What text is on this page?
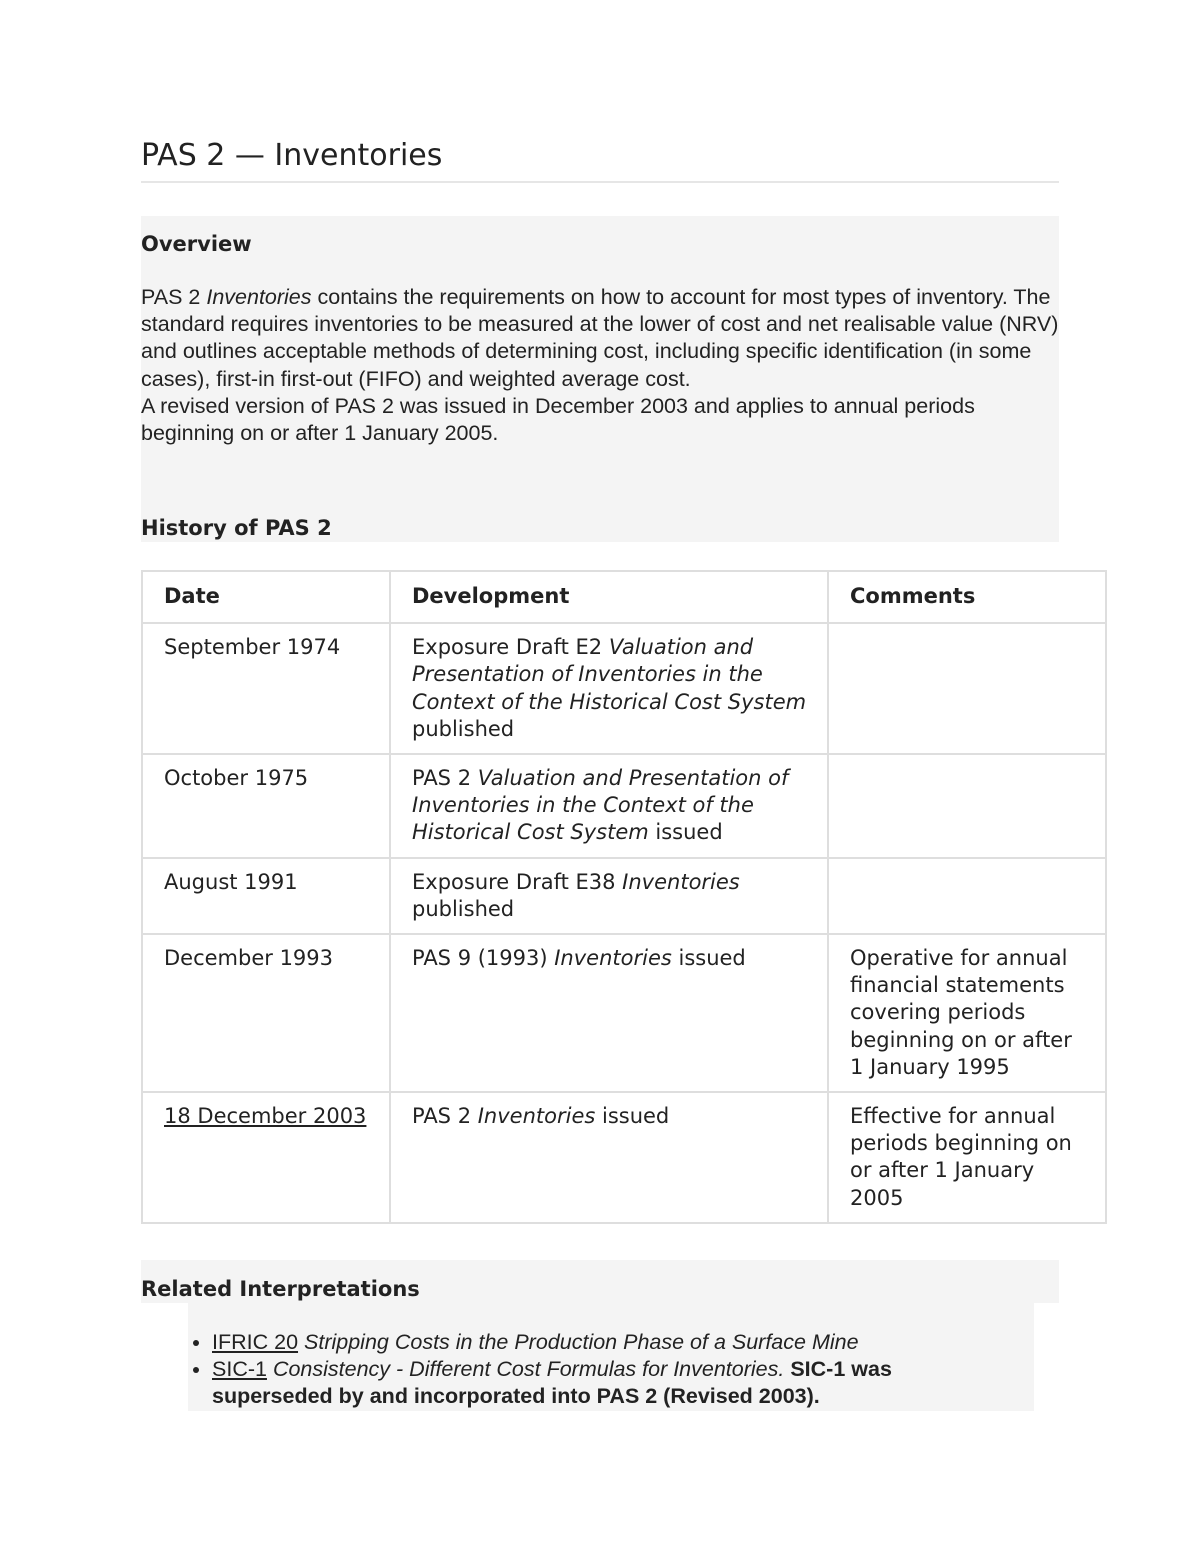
PAS 2 — Inventories
Overview

PAS 2 Inventories contains the requirements on how to account for most types of inventory. The standard requires inventories to be measured at the lower of cost and net realisable value (NRV) and outlines acceptable methods of determining cost, including specific identification (in some cases), first-in first-out (FIFO) and weighted average cost.

A revised version of PAS 2 was issued in December 2003 and applies to annual periods beginning on or after 1 January 2005.

History of PAS 2
Date	Development	Comments
September 1974	Exposure Draft E2 Valuation and Presentation of Inventories in the Context of the Historical Cost System published	
October 1975	PAS 2 Valuation and Presentation of Inventories in the Context of the Historical Cost System issued	
August 1991	Exposure Draft E38 Inventories published	
December 1993	PAS 9 (1993) Inventories issued	Operative for annual financial statements covering periods beginning on or after 1 January 1995
18 December 2003	PAS 2 Inventories issued	Effective for annual periods beginning on or after 1 January 2005
Related Interpretations
• IFRIC 20 Stripping Costs in the Production Phase of a Surface Mine
• SIC-1 Consistency - Different Cost Formulas for Inventories. SIC-1 was superseded by and incorporated into PAS 2 (Revised 2003).
